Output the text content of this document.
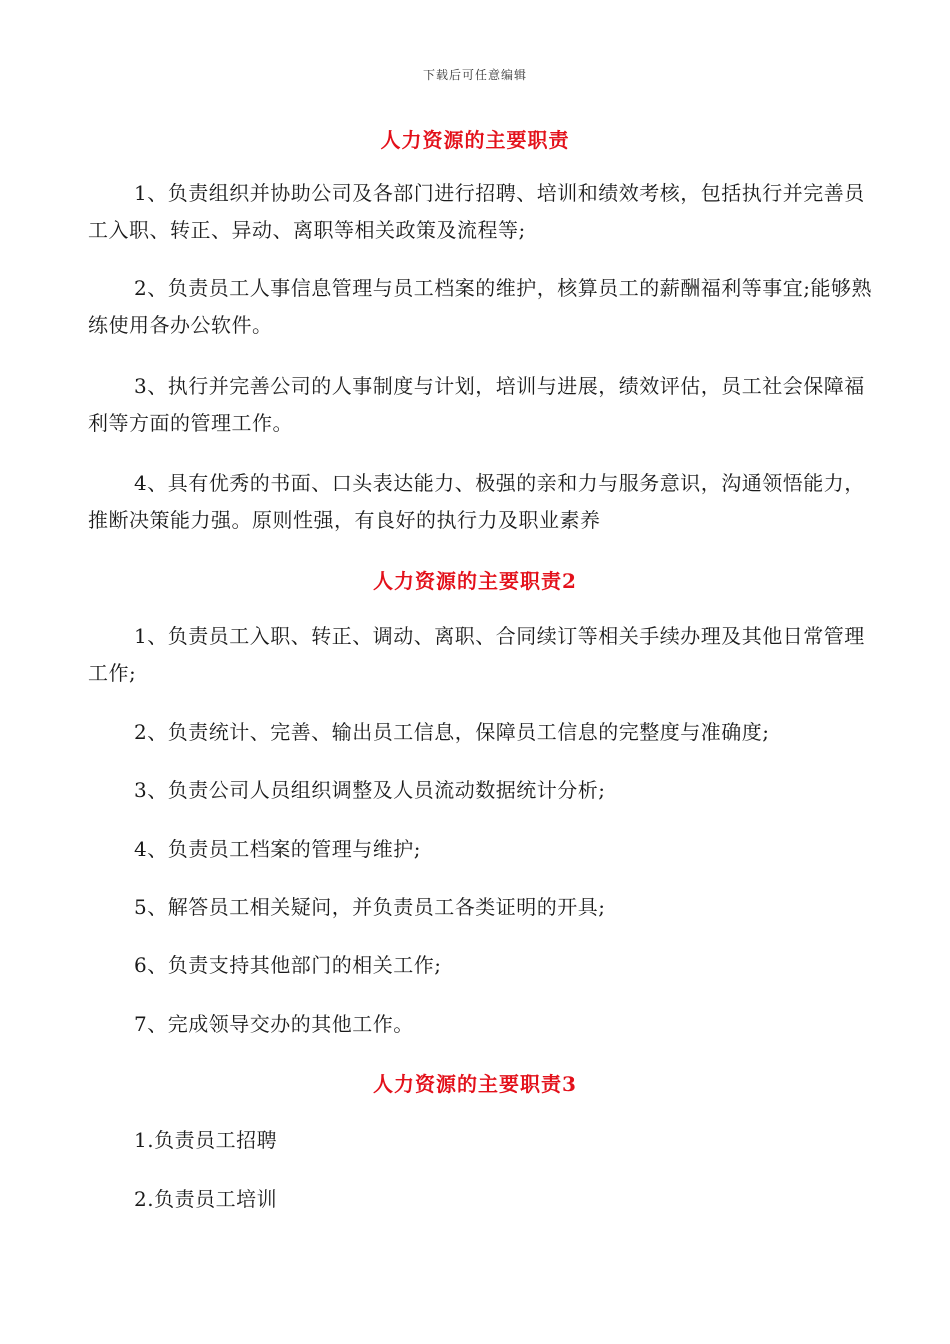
下载后可任意编辑
人力资源的主要职责

1、负责组织并协助公司及各部门进行招聘、培训和绩效考核，包括执行并完善员工入职、转正、异动、离职等相关政策及流程等;

2、负责员工人事信息管理与员工档案的维护，核算员工的薪酬福利等事宜;能够熟练使用各办公软件。

3、执行并完善公司的人事制度与计划，培训与进展，绩效评估，员工社会保障福利等方面的管理工作。

4、具有优秀的书面、口头表达能力、极强的亲和力与服务意识，沟通领悟能力，推断决策能力强。原则性强，有良好的执行力及职业素养

人力资源的主要职责2

1、负责员工入职、转正、调动、离职、合同续订等相关手续办理及其他日常管理工作;

2、负责统计、完善、输出员工信息，保障员工信息的完整度与准确度;
3、负责公司人员组织调整及人员流动数据统计分析;
4、负责员工档案的管理与维护;
5、解答员工相关疑问，并负责员工各类证明的开具;
6、负责支持其他部门的相关工作;
7、完成领导交办的其他工作。
人力资源的主要职责3
1.负责员工招聘
2.负责员工培训
